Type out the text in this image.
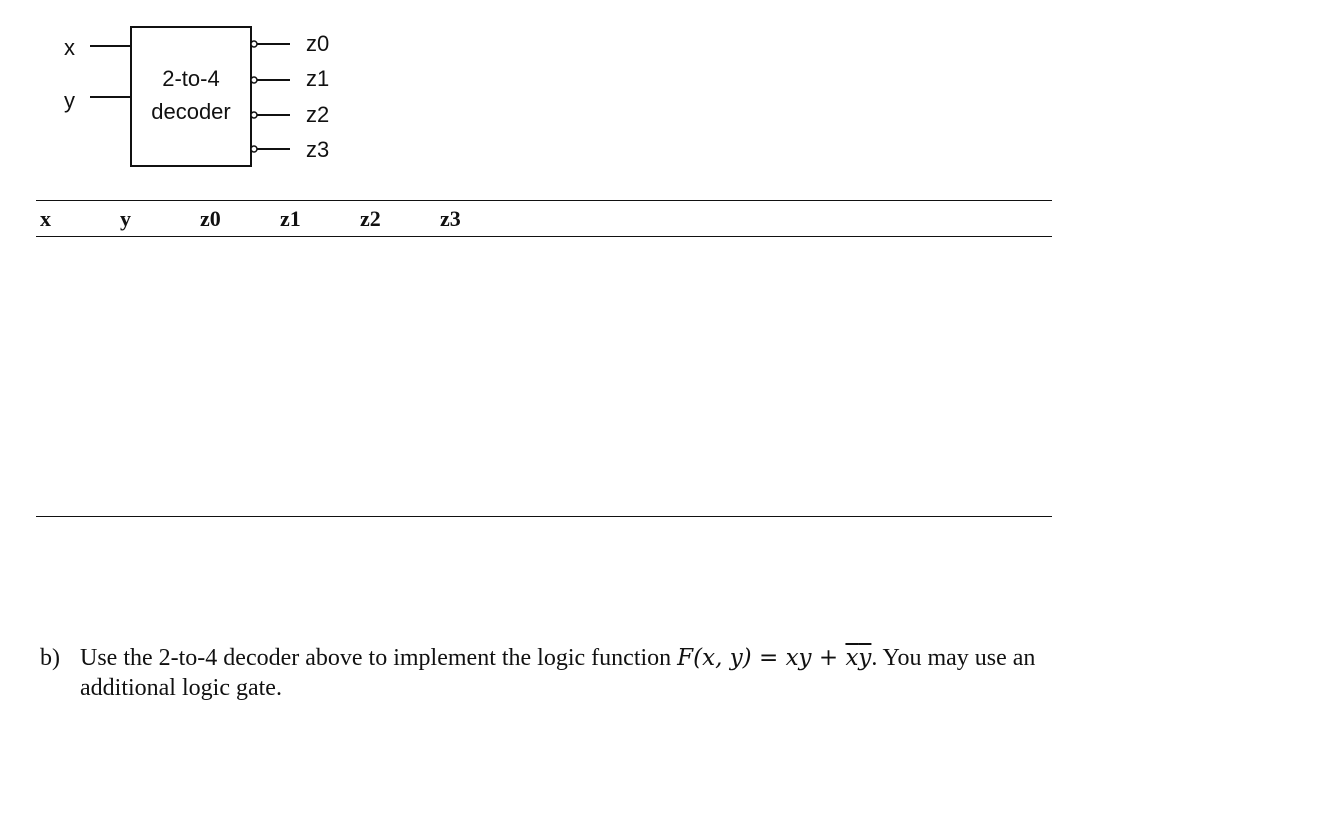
x
y
2-to-4
decoder
z0
z1
z2
z3
x	y	z0	z1	z2	z3
b) Use the 2-to-4 decoder above to implement the logic function F(x, y) = xy + $\overline{x}\overline{y}$. You may use an additional logic gate.
